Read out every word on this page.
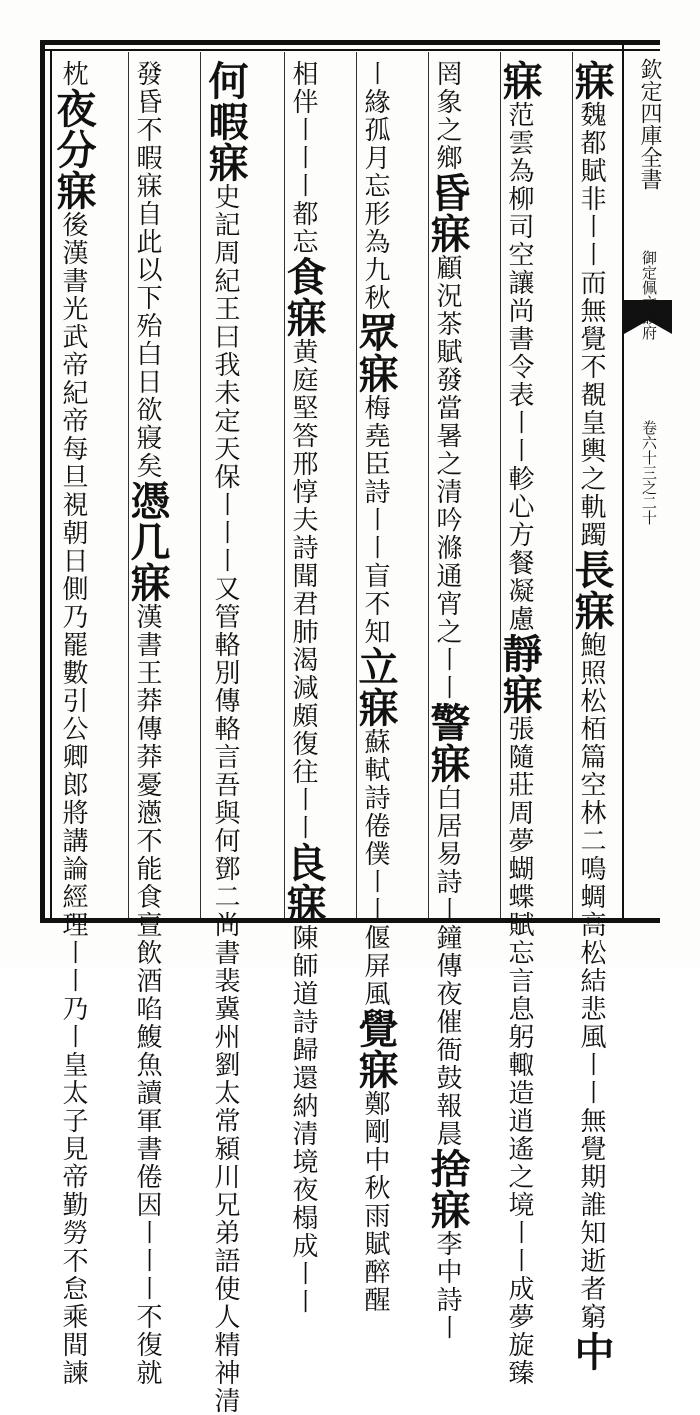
欽定四庫全書
御定佩文韻府
卷六十三之二十
寐魏都賦非〡〡而無覺不覩皇輿之軌躅長寐鮑照松栢篇空林二鳴蜩高松結悲風〡〡無覺期誰知逝者窮中
寐范雲為柳司空讓尚書令表〡〡軫心方餐凝慮靜寐張隨莊周夢蝴蝶賦忘言息躬輙造逍遙之境〡〡成夢旋臻
罔象之鄉昏寐顧況茶賦發當暑之清吟滌通宵之〡〡警寐白居易詩〡鐘傳夜催衙鼓報晨捨寐李中詩〡
〡緣孤月忘形為九秋眾寐梅堯臣詩〡〡盲不知立寐蘇軾詩倦僕〡〡偃屏風覺寐鄭剛中秋雨賦醉醒
相伴〡〡〡都忘食寐黄庭堅答邢惇夫詩聞君肺渴減頗復往〡〡良寐陳師道詩歸還納清境夜榻成〡〡
何暇寐史記周紀王曰我未定天保〡〡〡又管輅別傳輅言吾與何鄧二尚書裴冀州劉太常潁川兄弟語使人精神清
發昏不暇寐自此以下殆白日欲寢矣憑几寐漢書王莽傳莽憂懣不能食亶飲酒啗鰒魚讀軍書倦因〡〡〡不復就
枕夜分寐後漢書光武帝紀帝每旦視朝日側乃罷數引公卿郎將講論經理〡〡乃〡皇太子見帝勤勞不怠乘間諫
